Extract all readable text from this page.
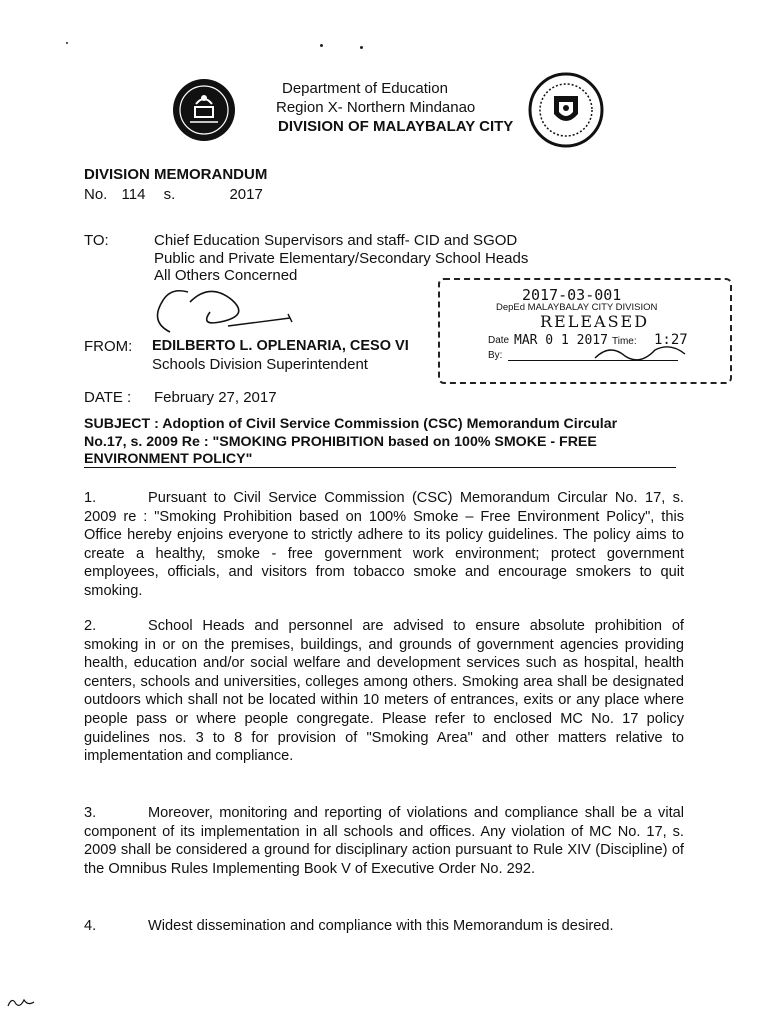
Department of Education
Region X- Northern Mindanao
DIVISION OF MALAYBALAY CITY
DIVISION MEMORANDUM
No. 114 s.	2017
TO:	Chief Education Supervisors and staff- CID and SGOD
Public and Private Elementary/Secondary School Heads
All Others Concerned
2017-03-001
DepEd MALAYBALAY CITY DIVISION
RELEASED
Date MAR 0 1 2017 Time: 1:27
By:
FROM: EDILBERTO L. OPLENARIA, CESO VI
Schools Division Superintendent
DATE : February 27, 2017
SUBJECT : Adoption of Civil Service Commission (CSC) Memorandum Circular
No.17, s. 2009 Re : "SMOKING PROHIBITION based on 100% SMOKE - FREE
ENVIRONMENT POLICY"
1.	Pursuant to Civil Service Commission (CSC) Memorandum Circular No. 17, s. 2009 re : "Smoking Prohibition based on 100% Smoke – Free Environment Policy", this Office hereby enjoins everyone to strictly adhere to its policy guidelines. The policy aims to create a healthy, smoke - free government work environment; protect government employees, officials, and visitors from tobacco smoke and encourage smokers to quit smoking.
2.	School Heads and personnel are advised to ensure absolute prohibition of smoking in or on the premises, buildings, and grounds of government agencies providing health, education and/or social welfare and development services such as hospital, health centers, schools and universities, colleges among others. Smoking area shall be designated outdoors which shall not be located within 10 meters of entrances, exits or any place where people pass or where people congregate. Please refer to enclosed MC No. 17 policy guidelines nos. 3 to 8 for provision of "Smoking Area" and other matters relative to implementation and compliance.
3.	Moreover, monitoring and reporting of violations and compliance shall be a vital component of its implementation in all schools and offices. Any violation of MC No. 17, s. 2009 shall be considered a ground for disciplinary action pursuant to Rule XIV (Discipline) of the Omnibus Rules Implementing Book V of Executive Order No. 292.
4.	Widest dissemination and compliance with this Memorandum is desired.
